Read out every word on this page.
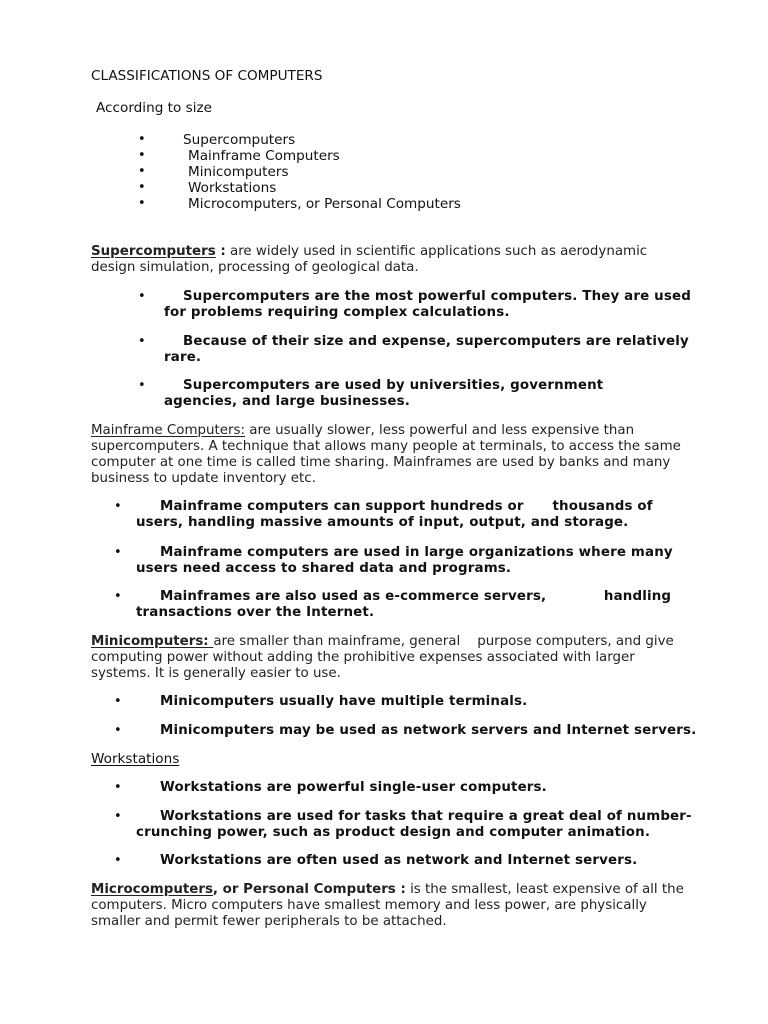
CLASSIFICATIONS OF COMPUTERS
According to size
•	Supercomputers
•	Mainframe Computers
•	Minicomputers
•	Workstations
•	Microcomputers, or Personal Computers
Supercomputers : are widely used in scientific applications such as aerodynamic
design simulation, processing of geological data.
•	Supercomputers are the most powerful computers. They are used
for problems requiring complex calculations.
•	Because of their size and expense, supercomputers are relatively
rare.
•	Supercomputers are used by universities, government
agencies, and large businesses.
Mainframe Computers: are usually slower, less powerful and less expensive than
supercomputers. A technique that allows many people at terminals, to access the same
computer at one time is called time sharing. Mainframes are used by banks and many
business to update inventory etc.
•	Mainframe computers can support hundreds or      thousands of
users, handling massive amounts of input, output, and storage.
•	Mainframe computers are used in large organizations where many
users need access to shared data and programs.
•	Mainframes are also used as e-commerce servers,            handling
transactions over the Internet.
Minicomputers: are smaller than mainframe, general    purpose computers, and give
computing power without adding the prohibitive expenses associated with larger
systems. It is generally easier to use.
•	Minicomputers usually have multiple terminals.
•	Minicomputers may be used as network servers and Internet servers.
Workstations
•	Workstations are powerful single-user computers.
•	Workstations are used for tasks that require a great deal of number-
crunching power, such as product design and computer animation.
•	Workstations are often used as network and Internet servers.
Microcomputers, or Personal Computers : is the smallest, least expensive of all the
computers. Micro computers have smallest memory and less power, are physically
smaller and permit fewer peripherals to be attached.
